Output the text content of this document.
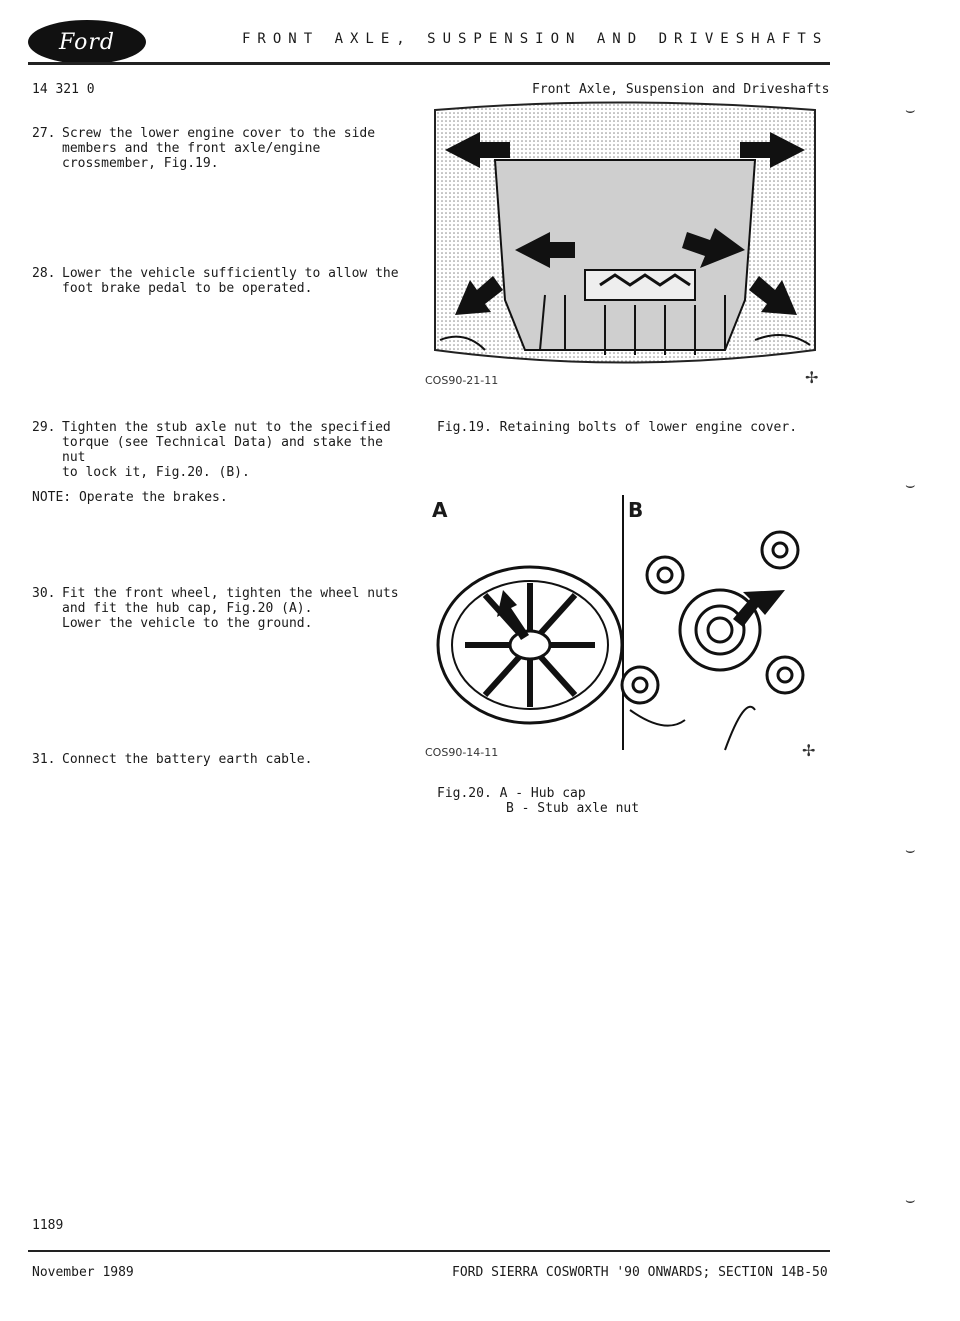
Ford	FRONT AXLE, SUSPENSION AND DRIVESHAFTS
14 321 0	Front Axle, Suspension and Driveshafts
27. Screw the lower engine cover to the side
members and the front axle/engine
crossmember, Fig.19.
28. Lower the vehicle sufficiently to allow the
foot brake pedal to be operated.
29. Tighten the stub axle nut to the specified
torque (see Technical Data) and stake the nut
to lock it, Fig.20. (B).
NOTE: Operate the brakes.
30. Fit the front wheel, tighten the wheel nuts
and fit the hub cap, Fig.20 (A).
Lower the vehicle to the ground.
31. Connect the battery earth cable.
COS90-21-11	✢
Fig.19. Retaining bolts of lower engine cover.
A	B
COS90-14-11	✢
Fig.20. A - Hub cap
B - Stub axle nut
⌣
⌣
⌣
⌣
1189
November 1989	FORD SIERRA COSWORTH '90 ONWARDS; SECTION 14B-50
